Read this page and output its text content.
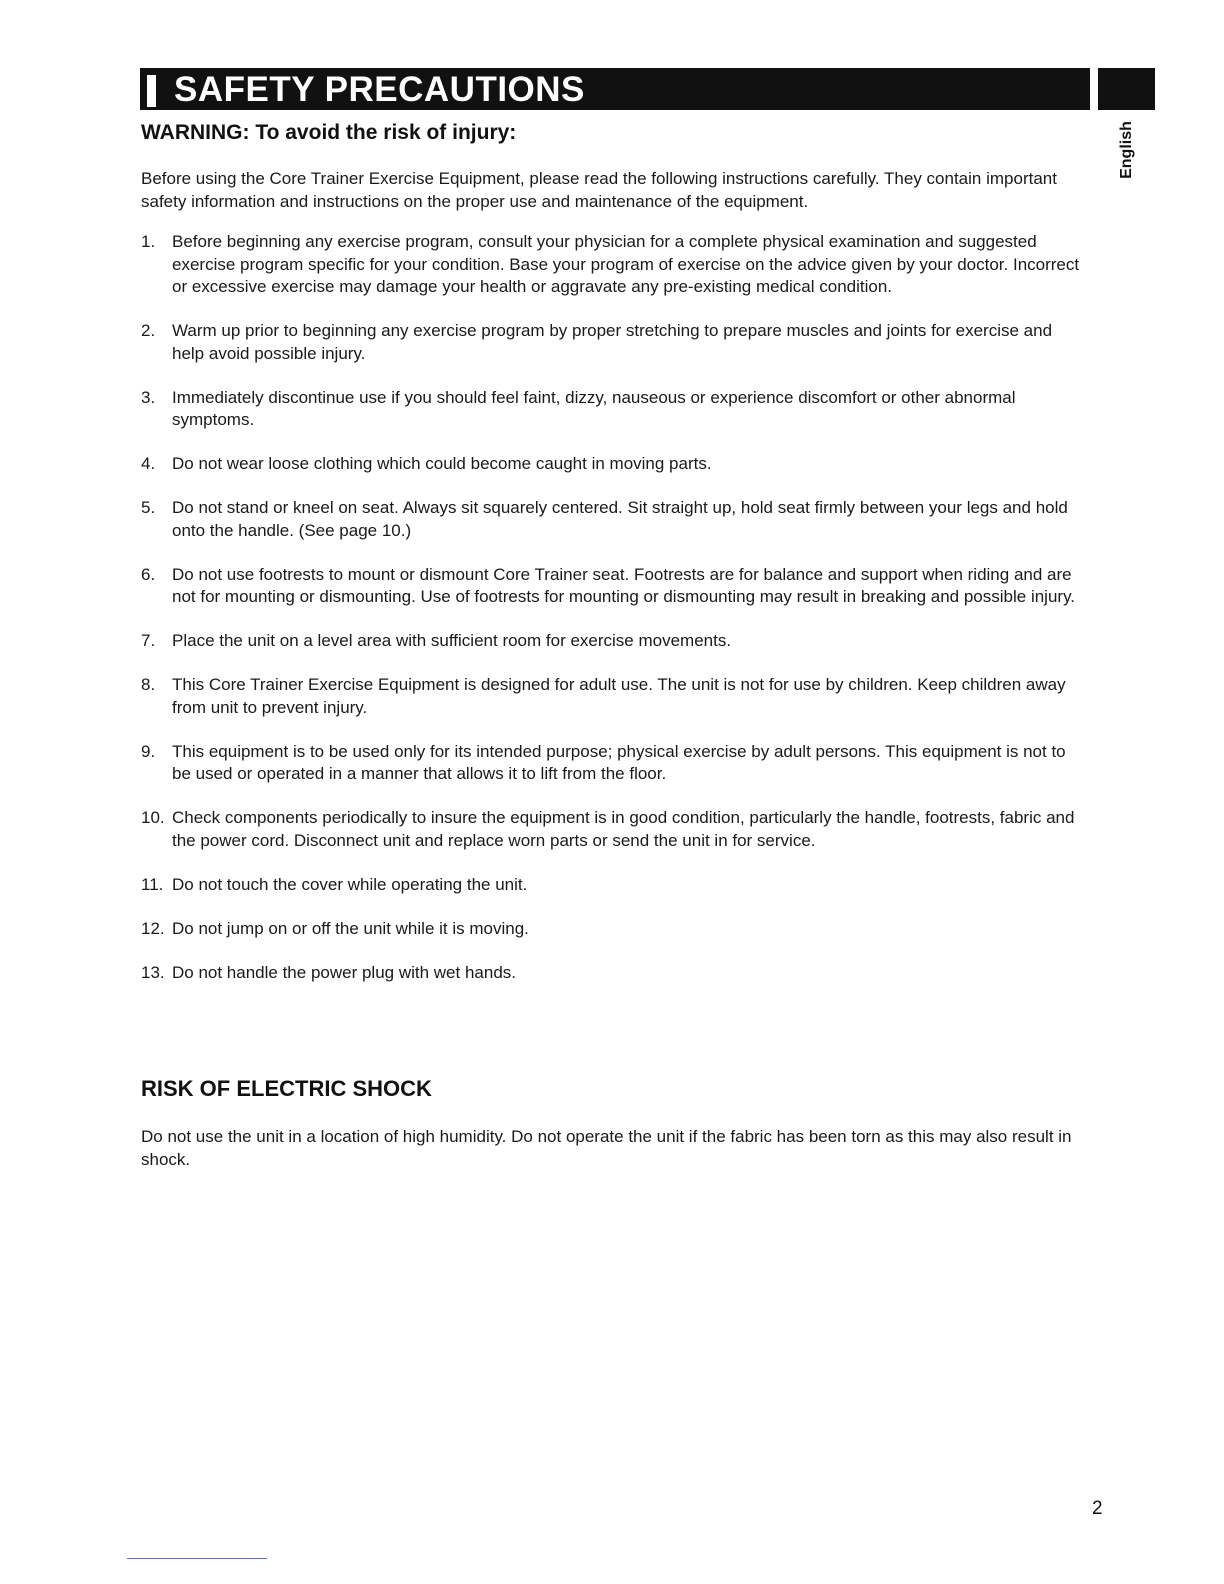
SAFETY PRECAUTIONS
English
WARNING: To avoid the risk of injury:

Before using the Core Trainer Exercise Equipment, please read the following instructions carefully. They contain important safety information and instructions on the proper use and maintenance of the equipment.

1. Before beginning any exercise program, consult your physician for a complete physical examination and suggested exercise program specific for your condition. Base your program of exercise on the advice given by your doctor. Incorrect or excessive exercise may damage your health or aggravate any pre-existing medical condition.
2. Warm up prior to beginning any exercise program by proper stretching to prepare muscles and joints for exercise and help avoid possible injury.
3. Immediately discontinue use if you should feel faint, dizzy, nauseous or experience discomfort or other abnormal symptoms.
4. Do not wear loose clothing which could become caught in moving parts.
5. Do not stand or kneel on seat. Always sit squarely centered. Sit straight up, hold seat firmly between your legs and hold onto the handle. (See page 10.)
6. Do not use footrests to mount or dismount Core Trainer seat. Footrests are for balance and support when riding and are not for mounting or dismounting. Use of footrests for mounting or dismounting may result in breaking and possible injury.
7. Place the unit on a level area with sufficient room for exercise movements.
8. This Core Trainer Exercise Equipment is designed for adult use. The unit is not for use by children. Keep children away from unit to prevent injury.
9. This equipment is to be used only for its intended purpose; physical exercise by adult persons. This equipment is not to be used or operated in a manner that allows it to lift from the floor.
10. Check components periodically to insure the equipment is in good condition, particularly the handle, footrests, fabric and the power cord. Disconnect unit and replace worn parts or send the unit in for service.
11. Do not touch the cover while operating the unit.
12. Do not jump on or off the unit while it is moving.
13. Do not handle the power plug with wet hands.
RISK OF ELECTRIC SHOCK

Do not use the unit in a location of high humidity. Do not operate the unit if the fabric has been torn as this may also result in shock.

2
